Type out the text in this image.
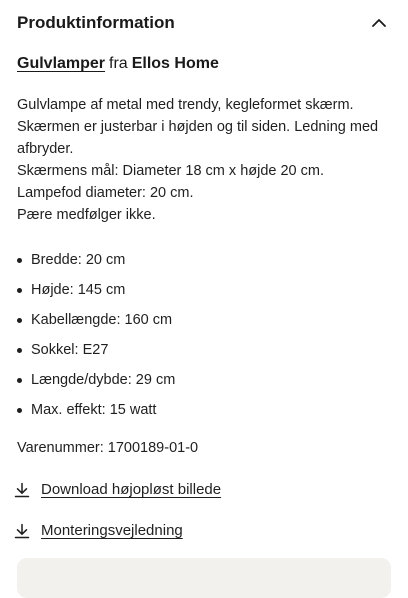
Produktinformation
Gulvlamper fra Ellos Home

Gulvlampe af metal med trendy, kegleformet skærm.

Skærmen er justerbar i højden og til siden. Ledning med afbryder.

Skærmens mål: Diameter 18 cm x højde 20 cm.

Lampefod diameter: 20 cm.

Pære medfølger ikke.

Bredde: 20 cm
Højde: 145 cm
Kabellængde: 160 cm
Sokkel: E27
Længde/dybde: 29 cm
Max. effekt: 15 watt
Varenummer: 1700189-01-0
Download højopløst billede
Monteringsvejledning
